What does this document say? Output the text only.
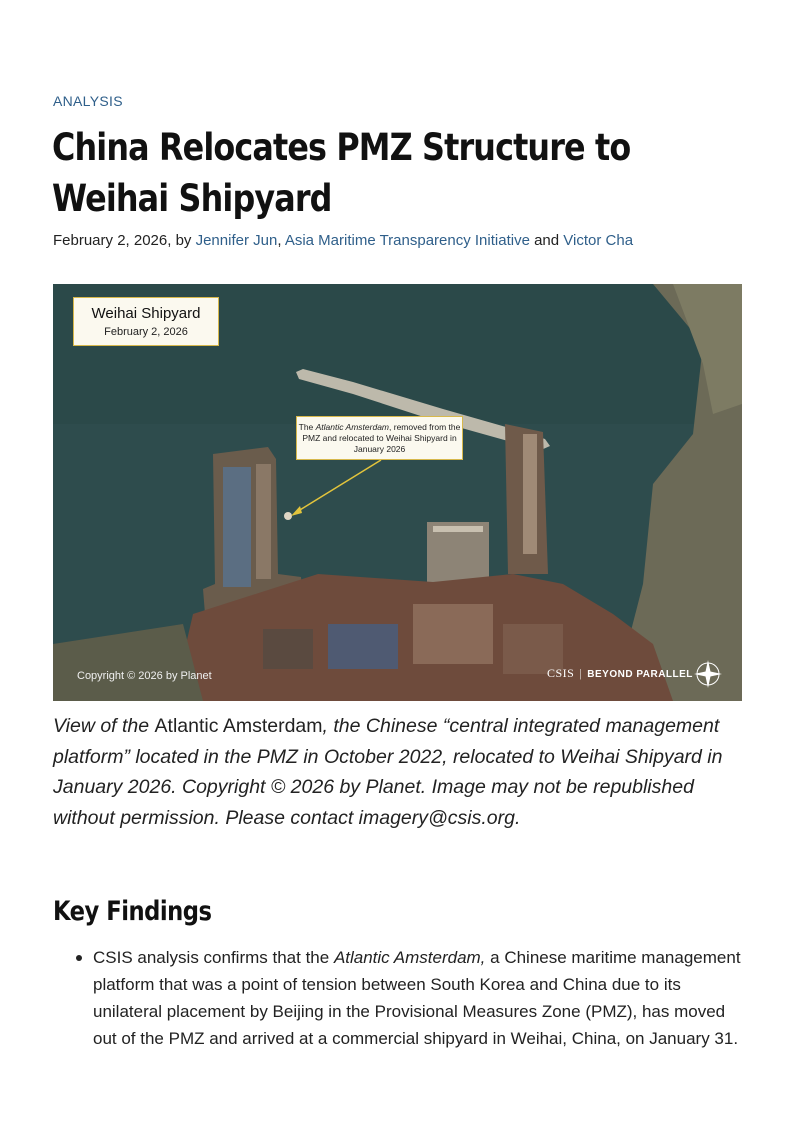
ANALYSIS
China Relocates PMZ Structure to Weihai Shipyard
February 2, 2026, by Jennifer Jun, Asia Maritime Transparency Initiative and Victor Cha
Weihai Shipyard
February 2, 2026
The Atlantic Amsterdam, removed from the PMZ and relocated to Weihai Shipyard in January 2026
Copyright © 2026 by Planet	CSIS | BEYOND PARALLEL

View of the Atlantic Amsterdam, the Chinese “central integrated management platform” located in the PMZ in October 2022, relocated to Weihai Shipyard in January 2026. Copyright © 2026 by Planet. Image may not be republished without permission. Please contact imagery@csis.org.

Key Findings
CSIS analysis confirms that the Atlantic Amsterdam, a Chinese maritime management platform that was a point of tension between South Korea and China due to its unilateral placement by Beijing in the Provisional Measures Zone (PMZ), has moved out of the PMZ and arrived at a commercial shipyard in Weihai, China, on January 31.
